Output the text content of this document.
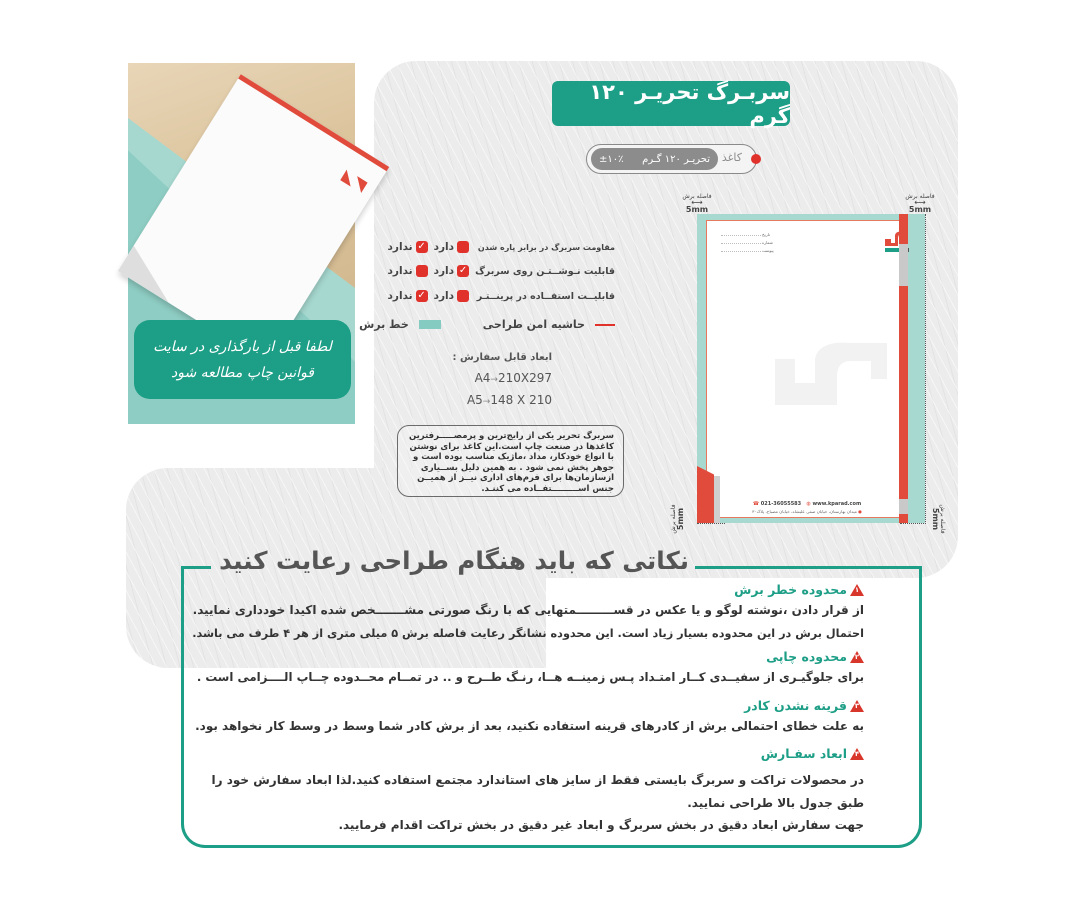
◣◥
لطفا قبل از بارگذاری در سایت
قوانین چاپ مطالعه شود
سربـرگ تحریـر ۱۲۰ گرم
تحریـر ۱۲۰ گـرم
±۱۰٪	کاغذ
مقاومت سربرگ در برابر پاره شدن
دارد
✓
ندارد
قابلیت نـوشــتـن روی سربرگ
✓
دارد
ندارد
قابلیــت استفــاده در پرینــتـر
دارد
✓
ندارد
حاشیه امن طراحی
خط برش
ابعاد قابل سفارش :
A4→210X297
A5→148 X 210
سربرگ تحریر یکی از رایج‌ترین و پرمصـــــرفترین کاغذها در صنعت چاپ است.این کاغذ برای نوشتن با انواع خودکار، مداد ،ماژیک مناسب بوده است و جوهر پخش نمی شود . به همین دلیل بســیاری ازسازمان‌ها برای فرم‌های اداری نیــز از همیــن جنس اســـــــــتفــاده می کننـد.
فاصله برش
⟷
5mm
فاصله برش
⟷
5mm
فاصله برش 5mm	فاصله برش
5mm
تاریخ
شماره
پیوست
☎ 021-36055583 ◍ www.kparad.com
● میدان بهارستان، خیابان صفی علیشاه، خیابان مصباح، پلاک۳۰
نکاتی که باید هنگام طراحی رعایت کنید
۱
محدوده خطر برش
از قرار دادن ،نوشته لوگو و یا عکس در قســـــــــمتهایی که با رنگ صورتی مشـــــــخص شده اکیدا خودداری نمایید.
احتمال برش در این محدوده بسیار زیاد است. این محدوده نشانگر رعایت فاصله برش ۵ میلی متری از هر ۴ طرف می باشد.
۲
محدوده چاپی
برای جلوگیـری از سفیــدی کــار امتـداد پـس زمینــه هــا، رنـگ طــرح و .. در تمــام محــدوده چــاپ الــــزامی است .
۳
قرینه نشدن کادر
به علت خطای احتمالی برش از کادرهای قرینه استفاده نکنید، بعد از برش کادر شما وسط در وسط کار نخواهد بود.
۴
ابعاد سفـارش
در محصولات تراکت و سربرگ بایستی فقط از سایز های استاندارد مجتمع استفاده کنید.لذا ابعاد سفارش خود را
طبق جدول بالا طراحی نمایید.
جهت سفارش ابعاد دقیق در بخش سربرگ و ابعاد غیر دقیق در بخش تراکت اقدام فرمایید.
